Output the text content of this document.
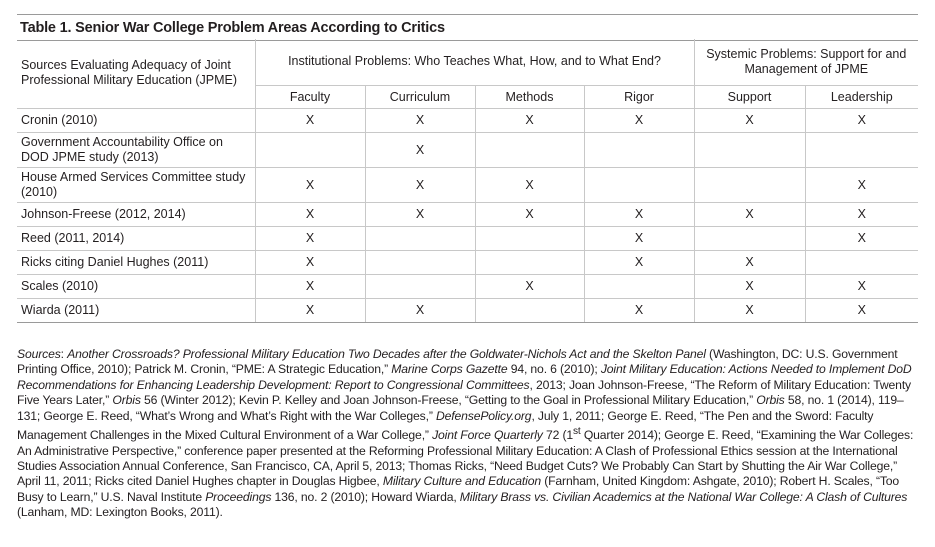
Table 1. Senior War College Problem Areas According to Critics
Sources Evaluating Adequacy of Joint Professional Military Education (JPME)	Institutional Problems: Who Teaches What, How, and to What End?				Systemic Problems: Support for and Management of JPME	
	Faculty	Curriculum	Methods	Rigor	Support	Leadership
Cronin (2010)	X	X	X	X	X	X
Government Accountability Office on DOD JPME study (2013)		X				
House Armed Services Committee study (2010)	X	X	X			X
Johnson-Freese (2012, 2014)	X	X	X	X	X	X
Reed (2011, 2014)	X			X		X
Ricks citing Daniel Hughes (2011)	X			X	X	
Scales (2010)	X		X		X	X
Wiarda (2011)	X	X		X	X	X
Sources: Another Crossroads? Professional Military Education Two Decades after the Goldwater-Nichols Act and the Skelton Panel (Washington, DC: U.S. Government Printing Office, 2010); Patrick M. Cronin, “PME: A Strategic Education,” Marine Corps Gazette 94, no. 6 (2010); Joint Military Education: Actions Needed to Implement DoD Recommendations for Enhancing Leadership Development: Report to Congressional Committees, 2013; Joan Johnson-Freese, “The Reform of Military Education: Twenty Five Years Later,” Orbis 56 (Winter 2012); Kevin P. Kelley and Joan Johnson-Freese, “Getting to the Goal in Professional Military Education,” Orbis 58, no. 1 (2014), 119–131; George E. Reed, “What’s Wrong and What’s Right with the War Colleges,” DefensePolicy.org, July 1, 2011; George E. Reed, “The Pen and the Sword: Faculty Management Challenges in the Mixed Cultural Environment of a War College,” Joint Force Quarterly 72 (1st Quarter 2014); George E. Reed, “Examining the War Colleges: An Administrative Perspective,” conference paper presented at the Reforming Professional Military Education: A Clash of Professional Ethics session at the International Studies Association Annual Conference, San Francisco, CA, April 5, 2013; Thomas Ricks, “Need Budget Cuts? We Probably Can Start by Shutting the Air War College,” April 11, 2011; Ricks cited Daniel Hughes chapter in Douglas Higbee, Military Culture and Education (Farnham, United Kingdom: Ashgate, 2010); Robert H. Scales, “Too Busy to Learn,” U.S. Naval Institute Proceedings 136, no. 2 (2010); Howard Wiarda, Military Brass vs. Civilian Academics at the National War College: A Clash of Cultures (Lanham, MD: Lexington Books, 2011).
